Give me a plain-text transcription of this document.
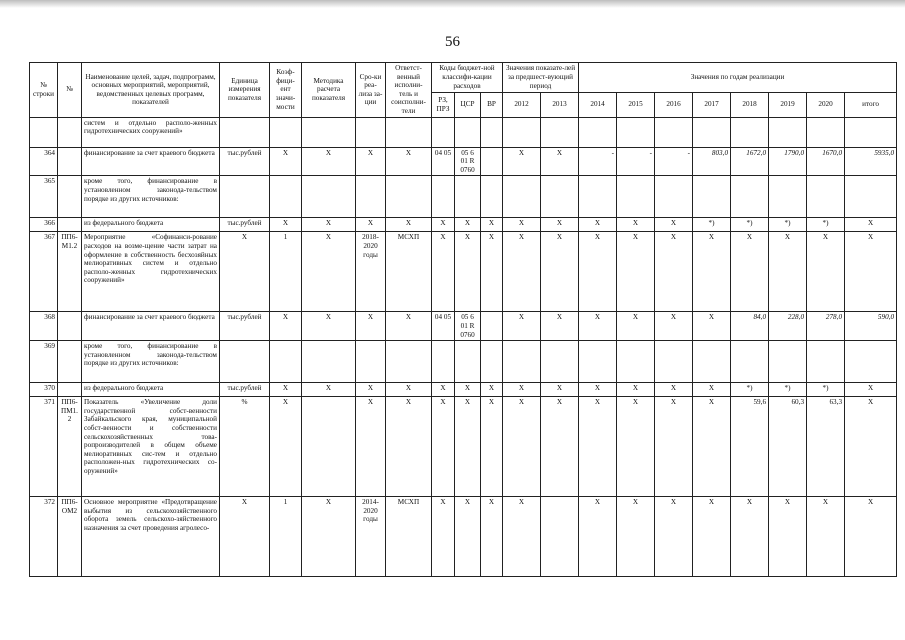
56
№ строки	№	Наименование целей, задач, подпрограмм, основных мероприятий, мероприятий, ведомственных целевых программ, показателей	Единица измерения показателя	Коэф-фици-ент значи-мости	Методика расчета показателя	Сро-ки реа-лиза за-ции	Ответст-венный исполни-тель и соисполни-тели	Коды бюджет-ной классифи-кации расходов			Значения показате-лей за предшест-вующий период		Значения по годам реализации							
								РЗ, ПРЗ	ЦСР	ВР	2012	2013	2014	2015	2016	2017	2018	2019	2020	итого
		систем и отдельно располо-женных гидротехнических сооружений»																		
364		финансирование за счет краевого бюджета	тыс.рублей	X	X	X	X	04 05	05 6 01 R 0760		X	X	-	-	-	803,0	1672,0	1790,0	1670,0	5935,0
365		кроме того, финансирование в установленном законода-тельством порядке из других источников:																		
366		из федерального бюджета	тыс.рублей	X	X	X	X	X	X	X	X	X	X	X	X	*)	*)	*)	*)	X
367	ПП6-М1.2	Мероприятие «Софинанси-рование расходов на возме-щение части затрат на оформление в собственность бесхозяйных мелиоративных систем и отдельно располо-женных гидротехнических сооружений»	X	1	X	2018-2020 годы	МСХП	X	X	X	X	X	X	X	X	X	X	X	X	X
368		финансирование за счет краевого бюджета	тыс.рублей	X	X	X	X	04 05	05 6 01 R 0760		X	X	X	X	X	X	84,0	228,0	278,0	590,0
369		кроме того, финансирование в установленном законода-тельством порядке из других источников:																		
370		из федерального бюджета	тыс.рублей	X	X	X	X	X	X	X	X	X	X	X	X	X	*)	*)	*)	X
371	ПП6-ПМ1.2	Показатель «Увеличение доли государственной собст-венности Забайкальского края, муниципальной собст-венности и собственности сельскохозяйственных това-ропроизводителей в общем объеме мелиоративных сис-тем и отдельно расположен-ных гидротехнических со-оружений»	%	X		X	X	X	X	X	X	X	X	X	X	X	59,6	60,3	63,3	X
372	ПП6-ОМ2	Основное мероприятие «Предотвращение выбытия из сельскохозяйственного оборота земель сельскохо-зяйственного назначения за счет проведения агролесо-	X	1	X	2014-2020 годы	МСХП	X	X	X	X		X	X	X	X	X	X	X	X
